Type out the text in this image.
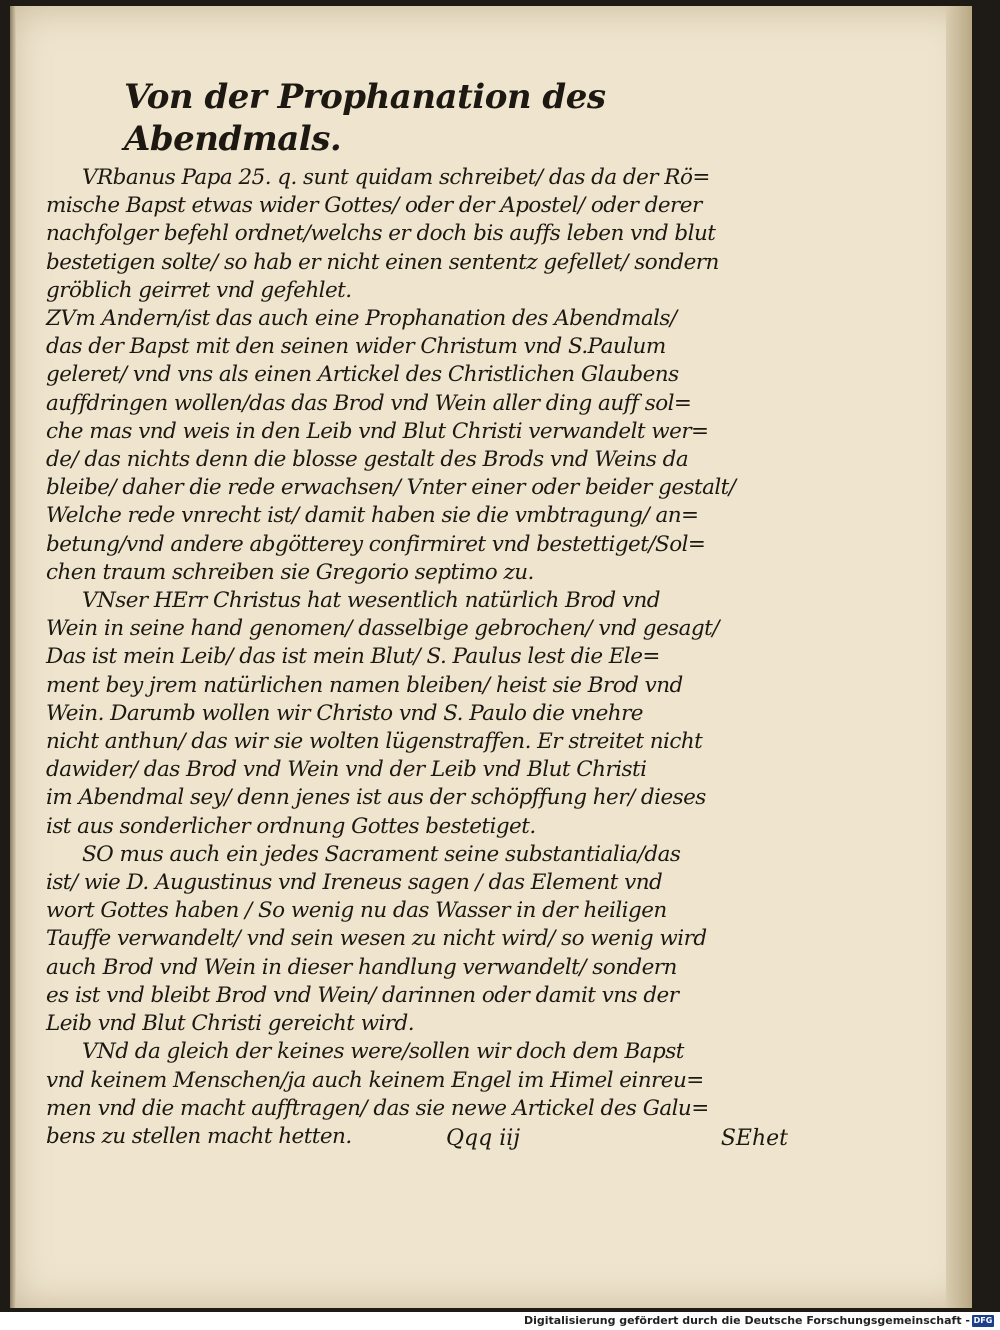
Von der Prophanation des Abendmals.
VRbanus Papa 25. q. sunt quidam schreibet/ das da der Rö=
mische Bapst etwas wider Gottes/ oder der Apostel/ oder derer
nachfolger befehl ordnet/welchs er doch bis auffs leben vnd blut
bestetigen solte/ so hab er nicht einen sententz gefellet/ sondern
gröblich geirret vnd gefehlet.
ZVm Andern/ist das auch eine Prophanation des Abendmals/
das der Bapst mit den seinen wider Christum vnd S.Paulum
geleret/ vnd vns als einen Artickel des Christlichen Glaubens
auffdringen wollen/das das Brod vnd Wein aller ding auff sol=
che mas vnd weis in den Leib vnd Blut Christi verwandelt wer=
de/ das nichts denn die blosse gestalt des Brods vnd Weins da
bleibe/ daher die rede erwachsen/ Vnter einer oder beider gestalt/
Welche rede vnrecht ist/ damit haben sie die vmbtragung/ an=
betung/vnd andere abgötterey confirmiret vnd bestettiget/Sol=
chen traum schreiben sie Gregorio septimo zu.
VNser HErr Christus hat wesentlich natürlich Brod vnd
Wein in seine hand genomen/ dasselbige gebrochen/ vnd gesagt/
Das ist mein Leib/ das ist mein Blut/ S. Paulus lest die Ele=
ment bey jrem natürlichen namen bleiben/ heist sie Brod vnd
Wein. Darumb wollen wir Christo vnd S. Paulo die vnehre
nicht anthun/ das wir sie wolten lügenstraffen. Er streitet nicht
dawider/ das Brod vnd Wein vnd der Leib vnd Blut Christi
im Abendmal sey/ denn jenes ist aus der schöpffung her/ dieses
ist aus sonderlicher ordnung Gottes bestetiget.
SO mus auch ein jedes Sacrament seine substantialia/das
ist/ wie D. Augustinus vnd Ireneus sagen / das Element vnd
wort Gottes haben / So wenig nu das Wasser in der heiligen
Tauffe verwandelt/ vnd sein wesen zu nicht wird/ so wenig wird
auch Brod vnd Wein in dieser handlung verwandelt/ sondern
es ist vnd bleibt Brod vnd Wein/ darinnen oder damit vns der
Leib vnd Blut Christi gereicht wird.
VNd da gleich der keines were/sollen wir doch dem Bapst
vnd keinem Menschen/ja auch keinem Engel im Himel einreu=
men vnd die macht aufftragen/ das sie newe Artickel des Galu=
bens zu stellen macht hetten.	Qqq iij	SEhet
Digitalisierung gefördert durch die Deutsche Forschungsgemeinschaft - DFG
